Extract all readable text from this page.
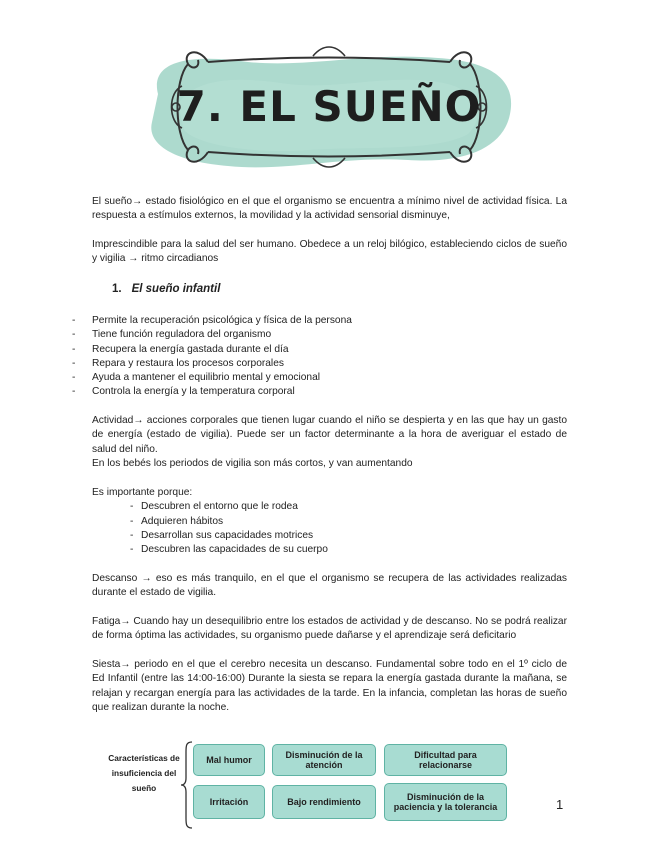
7. EL SUEÑO

El sueño→ estado fisiológico en el que el organismo se encuentra a mínimo nivel de actividad física. La respuesta a estímulos externos, la movilidad y la actividad sensorial disminuye,

Imprescindible para la salud del ser humano. Obedece a un reloj bilógico, estableciendo ciclos de sueño y vigilia → ritmo circadianos

1. El sueño infantil
- Permite la recuperación psicológica y física de la persona
- Tiene función reguladora del organismo
- Recupera la energía gastada durante el día
- Repara y restaura los procesos corporales
- Ayuda a mantener el equilibrio mental y emocional
- Controla la energía y la temperatura corporal

Actividad→ acciones corporales que tienen lugar cuando el niño se despierta y en las que hay un gasto de energía (estado de vigilia). Puede ser un factor determinante a la hora de averiguar el estado de salud del niño.

En los bebés los periodos de vigilia son más cortos, y van aumentando

Es importante porque:

- Descubren el entorno que le rodea
- Adquieren hábitos
- Desarrollan sus capacidades motrices
- Descubren las capacidades de su cuerpo

Descanso → eso es más tranquilo, en el que el organismo se recupera de las actividades realizadas durante el estado de vigilia.

Fatiga→ Cuando hay un desequilibrio entre los estados de actividad y de descanso. No se podrá realizar de forma óptima las actividades, su organismo puede dañarse y el aprendizaje será deficitario

Siesta→ periodo en el que el cerebro necesita un descanso. Fundamental sobre todo en el 1º ciclo de Ed Infantil (entre las 14:00-16:00) Durante la siesta se repara la energía gastada durante la mañana, se relajan y recargan energía para las actividades de la tarde. En la infancia, completan las horas de sueño que realizan durante la noche.

Características de insuficiencia del sueño
Mal humor
Disminución de la atención
Dificultad para relacionarse
Irritación	Bajo rendimiento
Disminución de la paciencia y la tolerancia	1
